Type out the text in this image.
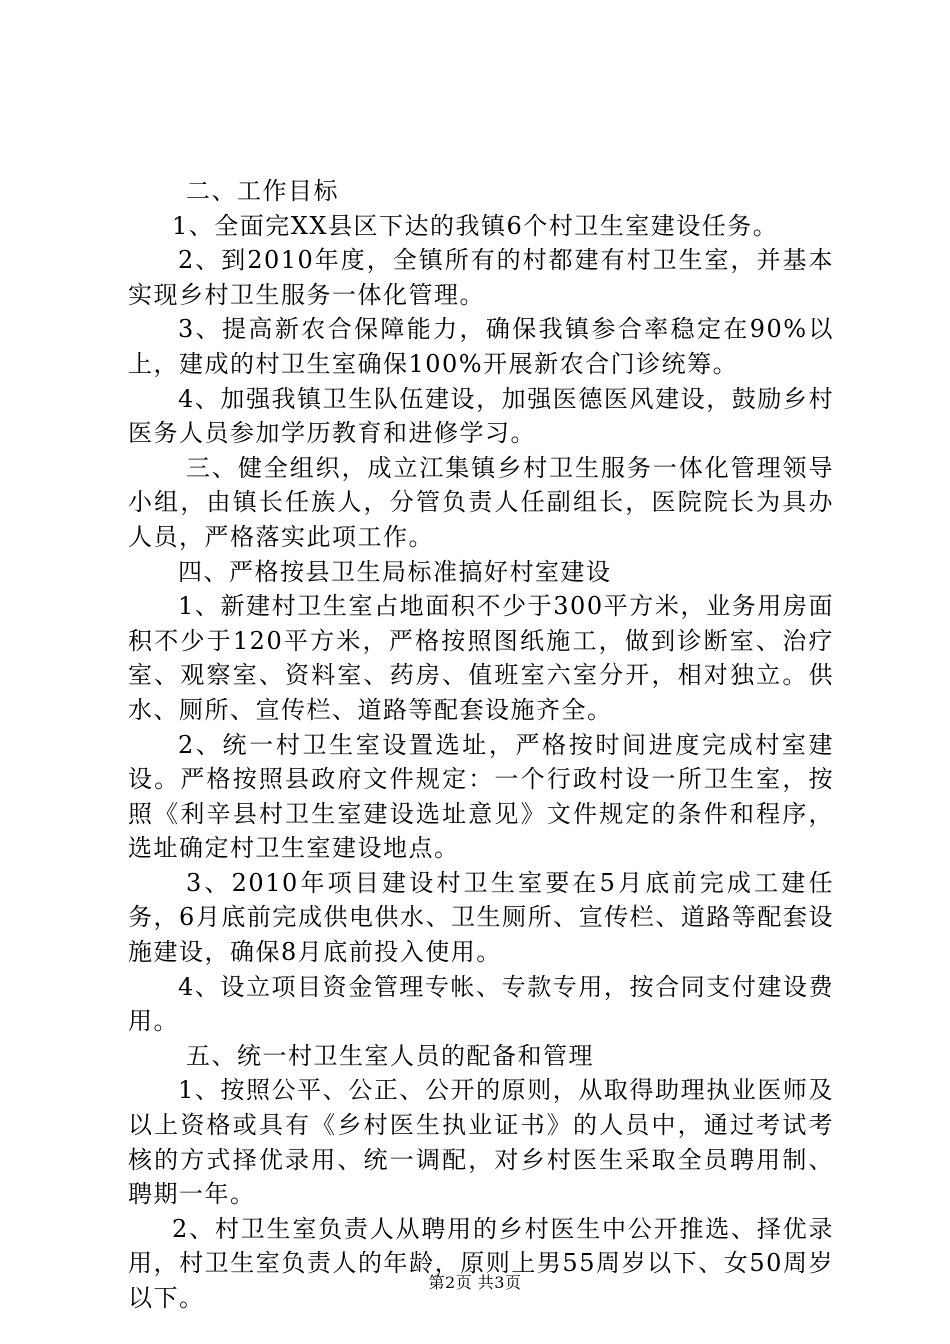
二、工作目标

1、全面完XX县区下达的我镇6个村卫生室建设任务。

2、到2010年度，全镇所有的村都建有村卫生室，并基本实现乡村卫生服务一体化管理。

3、提高新农合保障能力，确保我镇参合率稳定在90%以上，建成的村卫生室确保100%开展新农合门诊统筹。

4、加强我镇卫生队伍建设，加强医德医风建设，鼓励乡村医务人员参加学历教育和进修学习。

三、健全组织，成立江集镇乡村卫生服务一体化管理领导小组，由镇长任族人，分管负责人任副组长，医院院长为具办人员，严格落实此项工作。

四、严格按县卫生局标准搞好村室建设

1、新建村卫生室占地面积不少于300平方米，业务用房面积不少于120平方米，严格按照图纸施工，做到诊断室、治疗室、观察室、资料室、药房、值班室六室分开，相对独立。供水、厕所、宣传栏、道路等配套设施齐全。

2、统一村卫生室设置选址，严格按时间进度完成村室建设。严格按照县政府文件规定：一个行政村设一所卫生室，按照《利辛县村卫生室建设选址意见》文件规定的条件和程序，选址确定村卫生室建设地点。

3、2010年项目建设村卫生室要在5月底前完成工建任务，6月底前完成供电供水、卫生厕所、宣传栏、道路等配套设施建设，确保8月底前投入使用。

4、设立项目资金管理专帐、专款专用，按合同支付建设费用。

五、统一村卫生室人员的配备和管理

1、按照公平、公正、公开的原则，从取得助理执业医师及以上资格或具有《乡村医生执业证书》的人员中，通过考试考核的方式择优录用、统一调配，对乡村医生采取全员聘用制、聘期一年。

2、村卫生室负责人从聘用的乡村医生中公开推选、择优录用，村卫生室负责人的年龄，原则上男55周岁以下、女50周岁以下。

第2页 共3页
